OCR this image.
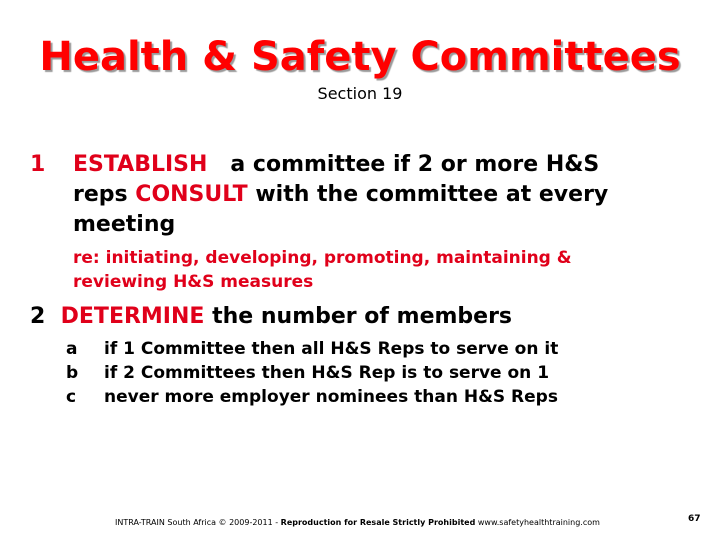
Health & Safety Committees
Section 19
1 ESTABLISH a committee if 2 or more H&S
reps CONSULT with the committee at every
meeting
re: initiating, developing, promoting, maintaining &
reviewing H&S measures
2 DETERMINE the number of members
a if 1 Committee then all H&S Reps to serve on it
b if 2 Committees then H&S Rep is to serve on 1
c never more employer nominees than H&S Reps
INTRA-TRAIN South Africa © 2009-2011 - Reproduction for Resale Strictly Prohibited www.safetyhealthtraining.com	67
